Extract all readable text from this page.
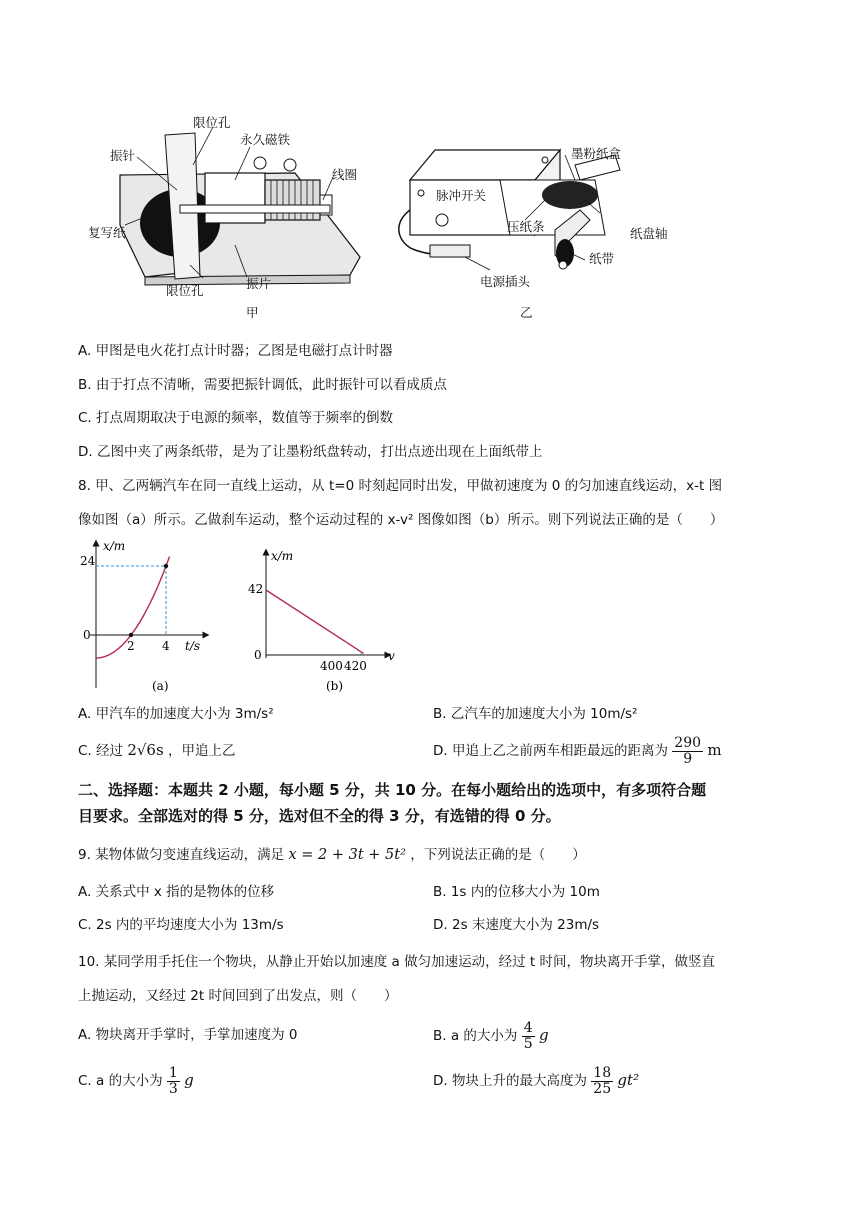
限位孔
永久磁铁
振针
线圈
复写纸
限位孔	振片
甲
墨粉纸盒
脉冲开关
压纸条	纸盘轴
纸带
电源插头
乙
A. 甲图是电火花打点计时器；乙图是电磁打点计时器
B. 由于打点不清晰，需要把振针调低，此时振针可以看成质点
C. 打点周期取决于电源的频率，数值等于频率的倒数
D. 乙图中夹了两条纸带，是为了让墨粉纸盘转动，打出点迹出现在上面纸带上
8. 甲、乙两辆汽车在同一直线上运动，从 t=0 时刻起同时出发，甲做初速度为 0 的匀加速直线运动，x-t 图
像如图（a）所示。乙做刹车运动，整个运动过程的 x-v² 图像如图（b）所示。则下列说法正确的是（　　）
x/m
t/s
24
0
2 4
(a)
x/m
v
42
0
400 420
(b)
A. 甲汽车的加速度大小为 3m/s²	B. 乙汽车的加速度大小为 10m/s²
C. 经过 2√6s ，甲追上乙	D. 甲追上乙之前两车相距最远的距离为 $\frac{290}{9}$ m
二、选择题：本题共 2 小题，每小题 5 分，共 10 分。在每小题给出的选项中，有多项符合题
目要求。全部选对的得 5 分，选对但不全的得 3 分，有选错的得 0 分。
9. 某物体做匀变速直线运动，满足 x = 2 + 3t + 5t² ，下列说法正确的是（　　）
A. 关系式中 x 指的是物体的位移	B. 1s 内的位移大小为 10m
C. 2s 内的平均速度大小为 13m/s	D. 2s 末速度大小为 23m/s
10. 某同学用手托住一个物块，从静止开始以加速度 a 做匀加速运动，经过 t 时间，物块离开手掌，做竖直
上抛运动，又经过 2t 时间回到了出发点，则（　　）
A. 物块离开手掌时，手掌加速度为 0	B. a 的大小为 $\frac{4}{5}$ g
C. a 的大小为 $\frac{1}{3}$ g	D. 物块上升的最大高度为 $\frac{18}{25} gt^2$
